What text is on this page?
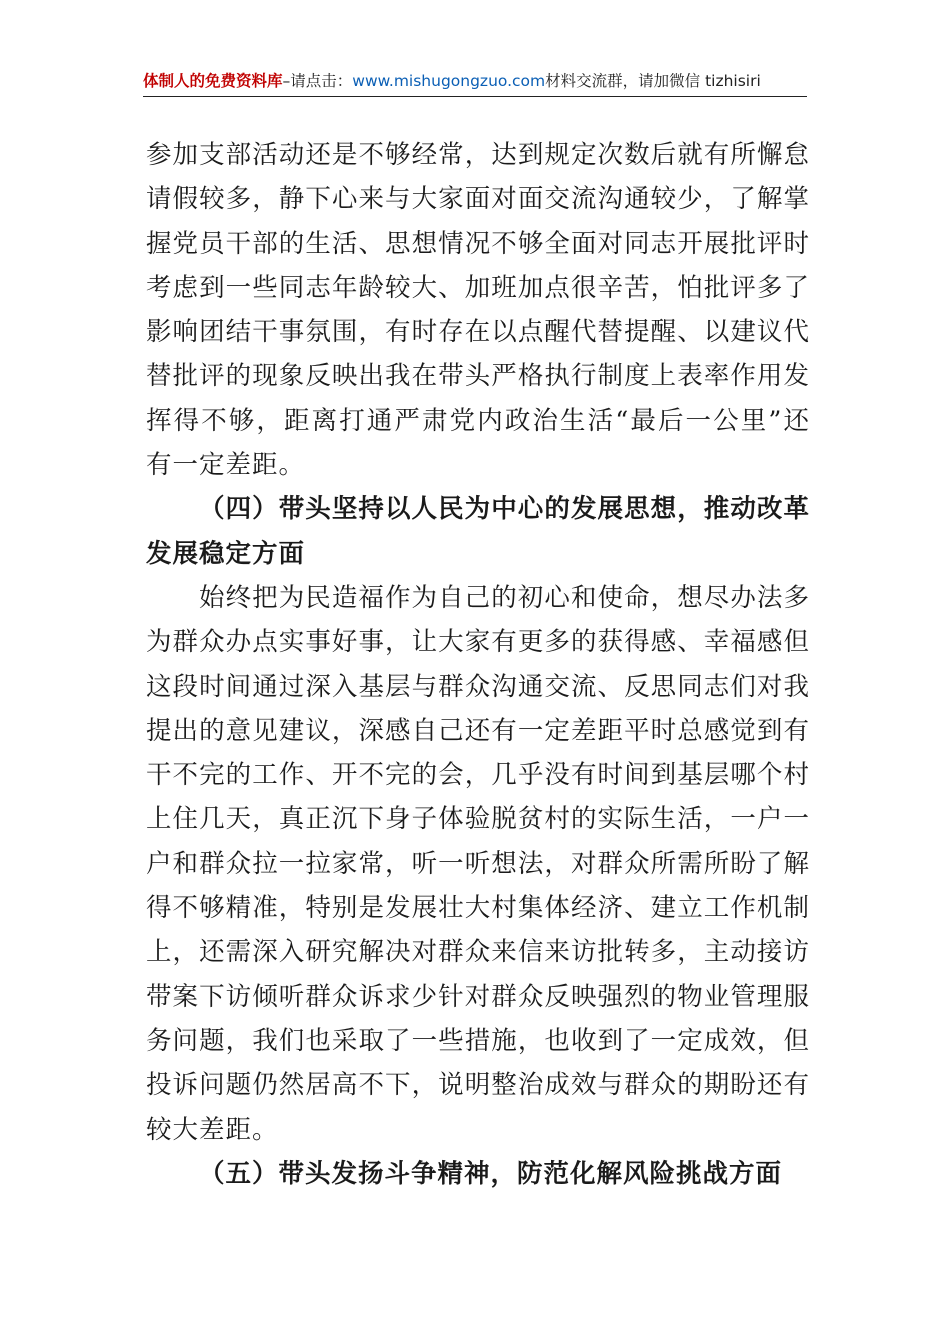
体制人的免费资料库–请点击：www.mishugongzuo.com材料交流群，请加微信 tizhisiri

参加支部活动还是不够经常，达到规定次数后就有所懈怠请假较多，静下心来与大家面对面交流沟通较少，了解掌握党员干部的生活、思想情况不够全面对同志开展批评时考虑到一些同志年龄较大、加班加点很辛苦，怕批评多了影响团结干事氛围，有时存在以点醒代替提醒、以建议代替批评的现象反映出我在带头严格执行制度上表率作用发挥得不够，距离打通严肃党内政治生活“最后一公里”还有一定差距。

（四）带头坚持以人民为中心的发展思想，推动改革发展稳定方面

始终把为民造福作为自己的初心和使命，想尽办法多为群众办点实事好事，让大家有更多的获得感、幸福感但这段时间通过深入基层与群众沟通交流、反思同志们对我提出的意见建议，深感自己还有一定差距平时总感觉到有干不完的工作、开不完的会，几乎没有时间到基层哪个村上住几天，真正沉下身子体验脱贫村的实际生活，一户一户和群众拉一拉家常，听一听想法，对群众所需所盼了解得不够精准，特别是发展壮大村集体经济、建立工作机制上，还需深入研究解决对群众来信来访批转多，主动接访带案下访倾听群众诉求少针对群众反映强烈的物业管理服务问题，我们也采取了一些措施，也收到了一定成效，但投诉问题仍然居高不下，说明整治成效与群众的期盼还有较大差距。

（五）带头发扬斗争精神，防范化解风险挑战方面
